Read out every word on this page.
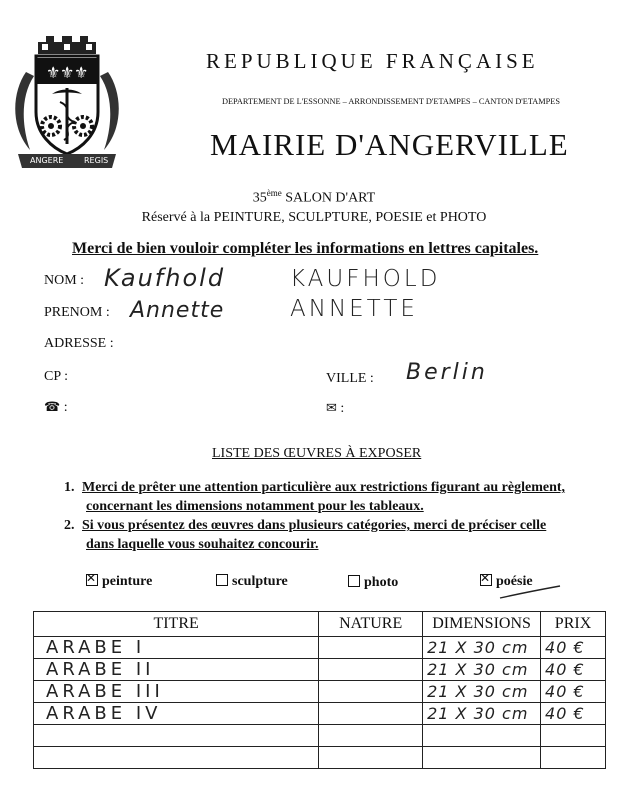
⚜ ⚜ ⚜
ANGERE	REGIS
REPUBLIQUE FRANÇAISE
DEPARTEMENT DE L'ESSONNE – ARRONDISSEMENT D'ETAMPES – CANTON D'ETAMPES
MAIRIE D'ANGERVILLE
35ème SALON D'ART
Réservé à la PEINTURE, SCULPTURE, POESIE et PHOTO
Merci de bien vouloir compléter les informations en lettres capitales.
NOM : Kaufhold	KAUFHOLD
PRENOM : Annette	ANNETTE
ADRESSE :
CP :	VILLE : Berlin
☎ :	✉ :
LISTE DES ŒUVRES À EXPOSER
1. Merci de prêter une attention particulière aux restrictions figurant au règlement,
concernant les dimensions notamment pour les tableaux.
2. Si vous présentez des œuvres dans plusieurs catégories, merci de préciser celle
dans laquelle vous souhaitez concourir.
✕peinture	sculpture	photo ✕	poésie
TITRE	NATURE	DIMENSIONS	PRIX
ARABE I		21 X 30 cm	40 €
ARABE II		21 X 30 cm	40 €
ARABE III		21 X 30 cm	40 €
ARABE IV		21 X 30 cm	40 €
